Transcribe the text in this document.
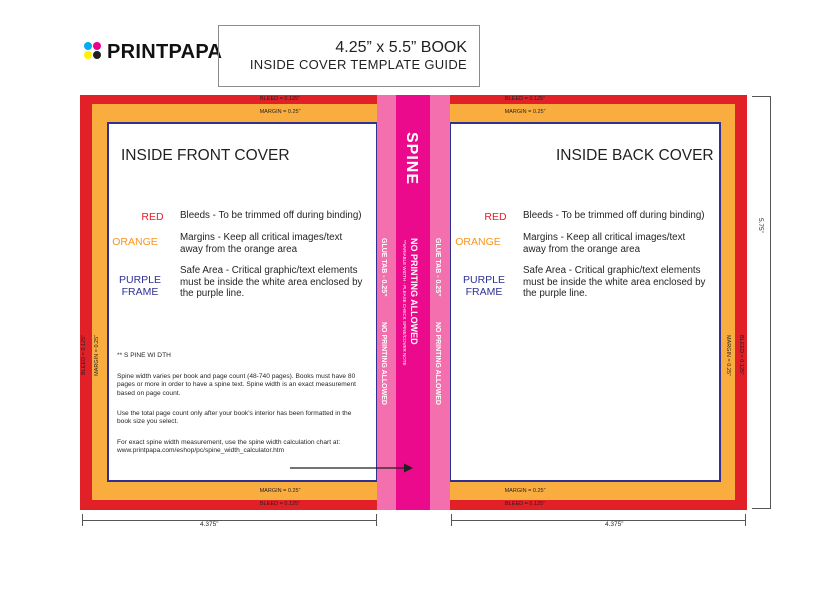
PRINTPAPA	4.25” x 5.5” BOOK
INSIDE COVER TEMPLATE GUIDE
BLEED = 0.125”
MARGIN = 0.25”
MARGIN = 0.25”
BLEED = 0.125”
BLEED = 0.125”
MARGIN = 0.25”
MARGIN = 0.25”
BLEED = 0.125”
BLEED = 0.125” MARGIN = 0.25”	MARGIN = 0.25” BLEED = 0.125”
SPINE
NO PRINTING ALLOWED
**VARIABLE WIDTH - PLEASE CHECK SPINE/COVER NOTE
GLUE TAB - 0.25”
NO PRINTING ALLOWED
GLUE TAB - 0.25”
NO PRINTING ALLOWED
INSIDE FRONT COVER
RED Bleeds - To be trimmed off during binding)
ORANGE Margins - Keep all critical images/text away from the orange area
PURPLE FRAME
Safe Area - Critical graphic/text elements must be inside the white area enclosed by the purple line.
** S PINE WI DTH
Spine width varies per book and page count (48-740 pages). Books must have 80 pages or more in order to have a spine text. Spine width is an exact measurement based on page count.
Use the total page count only after your book's interior has been formatted in the book size you select.
For exact spine width measurement, use the spine width calculation chart at: www.printpapa.com/eshop/pc/spine_width_calculator.htm
INSIDE BACK COVER
RED Bleeds - To be trimmed off during binding)
ORANGE Margins - Keep all critical images/text away from the orange area
PURPLE FRAME
Safe Area - Critical graphic/text elements must be inside the white area enclosed by the purple line.
4.375”	4.375”
5.75”
